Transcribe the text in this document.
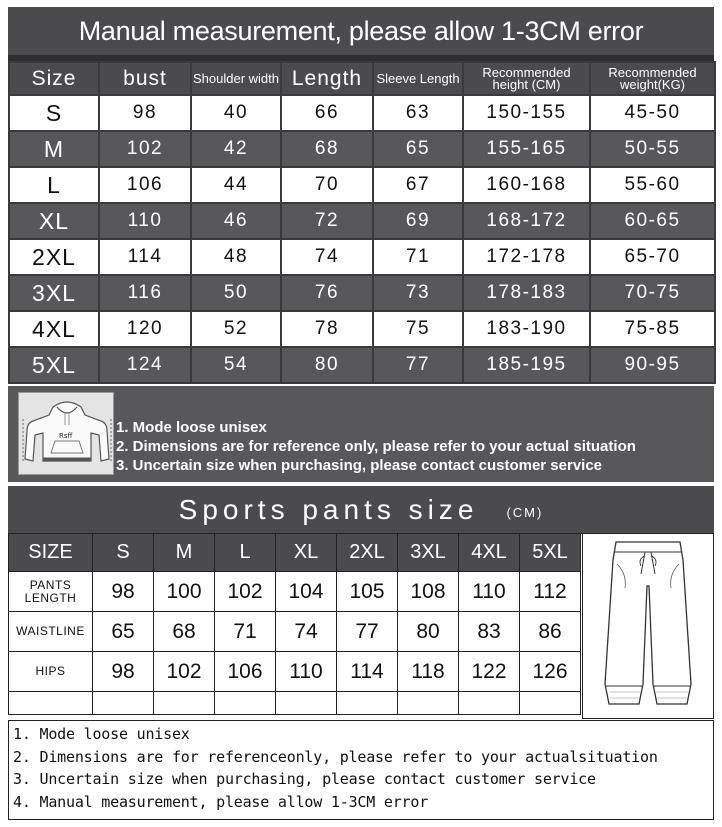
Manual measurement, please allow 1-3CM error
Size	bust	Shoulder width	Length	Sleeve Length	Recommended height (CM)	Recommended weight(KG)
S	98	40	66	63	150-155	45-50
M	102	42	68	65	155-165	50-55
L	106	44	70	67	160-168	55-60
XL	110	46	72	69	168-172	60-65
2XL	114	48	74	71	172-178	65-70
3XL	116	50	76	73	178-183	70-75
4XL	120	52	78	75	183-190	75-85
5XL	124	54	80	77	185-195	90-95
Rsff	1. Mode loose unisex
2. Dimensions are for reference only, please refer to your actual situation
3. Uncertain size when purchasing, please contact customer service
Sports pants size (CM)
SIZE	S	M	L	XL	2XL	3XL	4XL	5XL
PANTS LENGTH	98	100	102	104	105	108	110	112
WAISTLINE	65	68	71	74	77	80	83	86
HIPS	98	102	106	110	114	118	122	126

1. Mode loose unisex
2. Dimensions are for referenceonly, please refer to your actualsituation
3. Uncertain size when purchasing, please contact customer service
4. Manual measurement, please allow 1-3CM error
